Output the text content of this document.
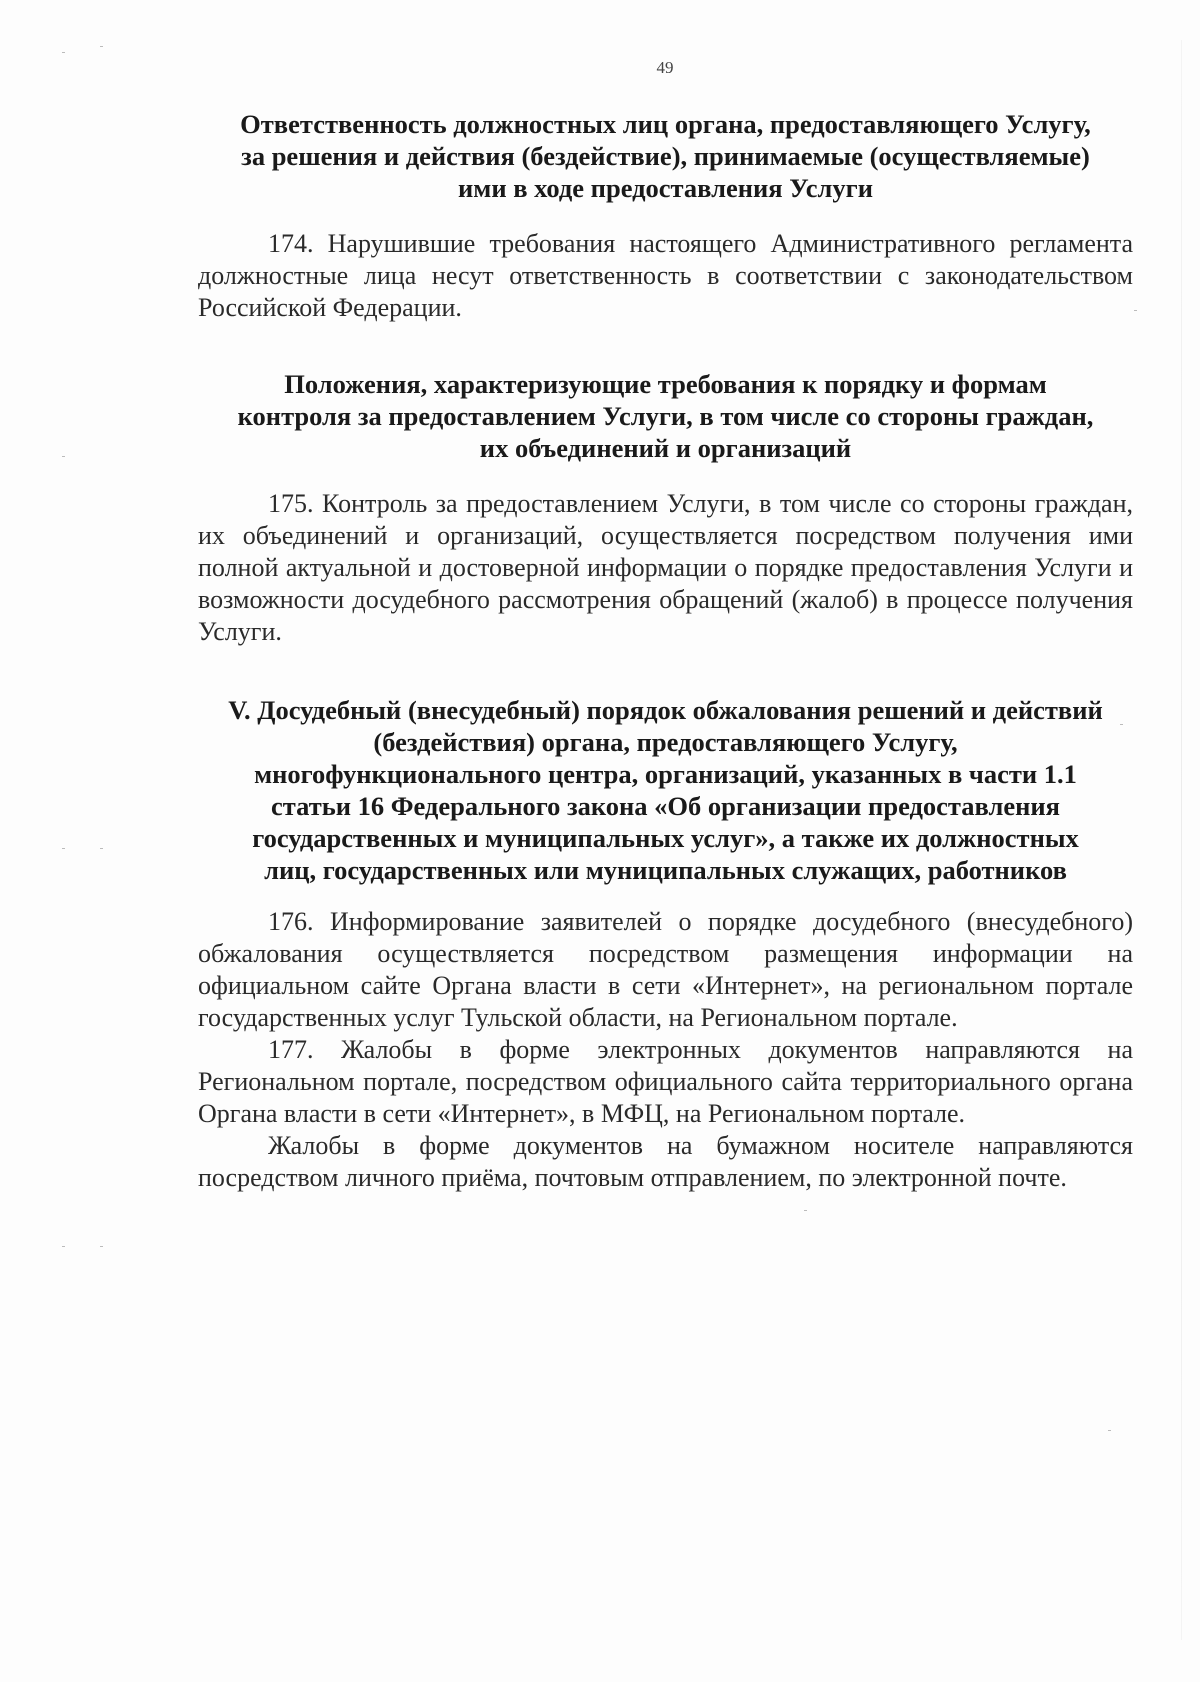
49
Ответственность должностных лиц органа, предоставляющего Услугу,
за решения и действия (бездействие), принимаемые (осуществляемые)
ими в ходе предоставления Услуги

174. Нарушившие требования настоящего Административного регламента должностные лица несут ответственность в соответствии с законодательством Российской Федерации.

Положения, характеризующие требования к порядку и формам
контроля за предоставлением Услуги, в том числе со стороны граждан,
их объединений и организаций

175. Контроль за предоставлением Услуги, в том числе со стороны граждан, их объединений и организаций, осуществляется посредством получения ими полной актуальной и достоверной информации о порядке предоставления Услуги и возможности досудебного рассмотрения обращений (жалоб) в процессе получения Услуги.

V. Досудебный (внесудебный) порядок обжалования решений и действий
(бездействия) органа, предоставляющего Услугу,
многофункционального центра, организаций, указанных в части 1.1
статьи 16 Федерального закона «Об организации предоставления
государственных и муниципальных услуг», а также их должностных
лиц, государственных или муниципальных служащих, работников

176. Информирование заявителей о порядке досудебного (внесудебного) обжалования осуществляется посредством размещения информации на официальном сайте Органа власти в сети «Интернет», на региональном портале государственных услуг Тульской области, на Региональном портале.

177. Жалобы в форме электронных документов направляются на Региональном портале, посредством официального сайта территориального органа Органа власти в сети «Интернет», в МФЦ, на Региональном портале.

Жалобы в форме документов на бумажном носителе направляются посредством личного приёма, почтовым отправлением, по электронной почте.
